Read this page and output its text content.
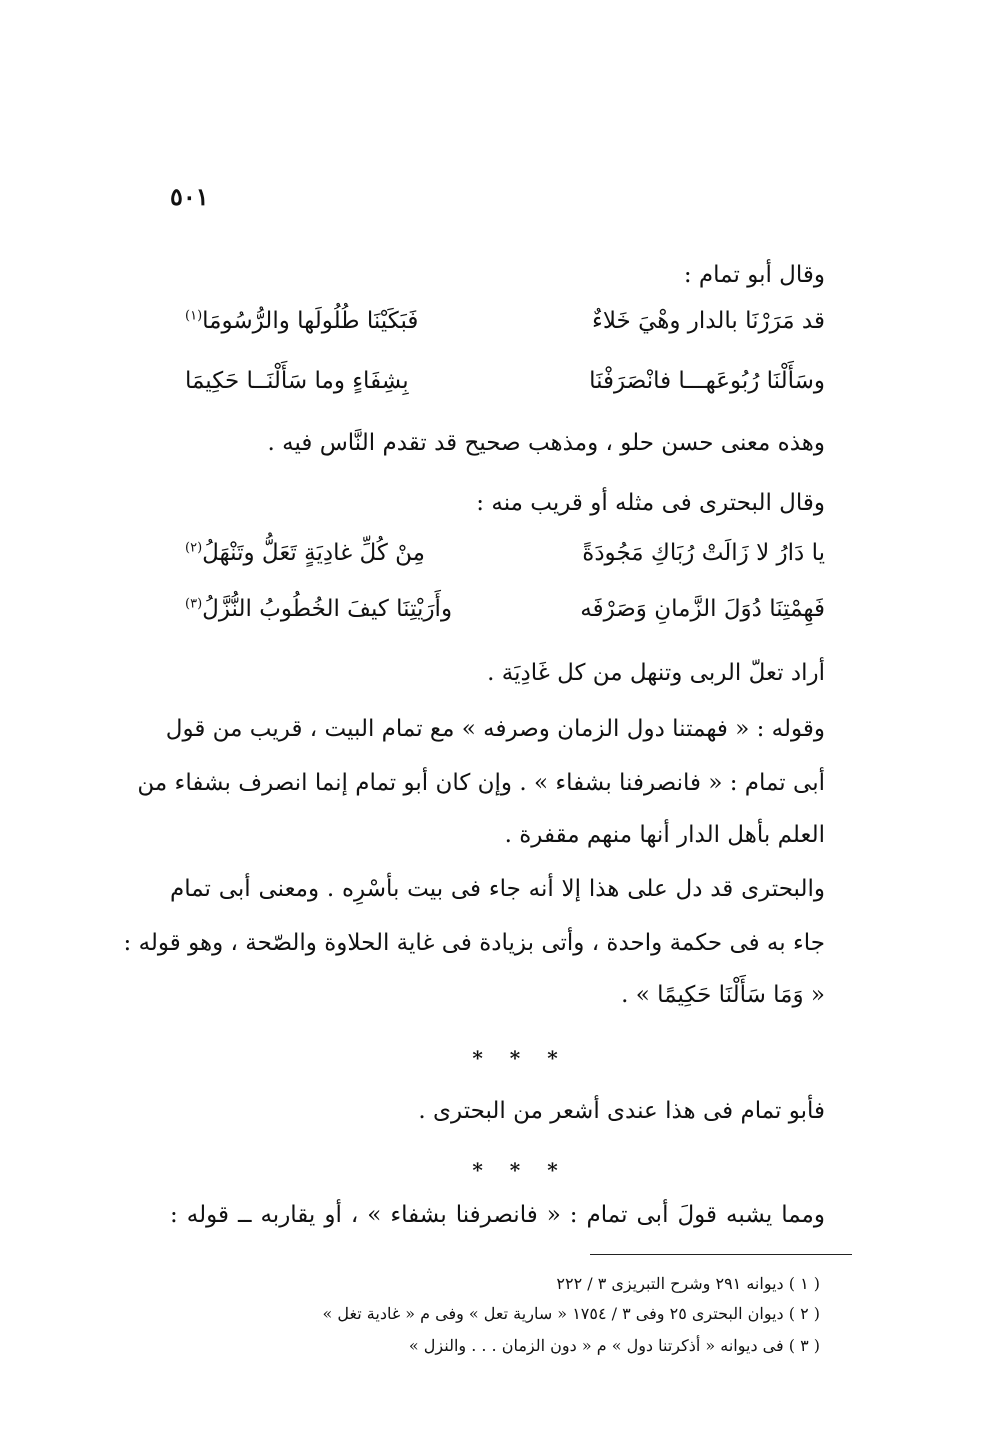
٥٠١
وقال أبو تمام :
قد مَرَرْنَا بالدار وهْيَ خَلاءٌ
فَبَكَيْنَا طُلُولَها والرُّسُومَا$^{(١)}$
وسَأَلْنَا رُبُوعَهـــا فانْصَرَفْنَا
بِشِفَاءٍ وما سَأَلْنَــا حَكِيمَا
وهذه معنى حسن حلو ، ومذهب صحيح قد تقدم النَّاس فيه .
وقال البحترى فى مثله أو قريب منه :
يا دَارُ لا زَالَتْ رُبَاكِ مَجُودَةً
مِنْ كُلِّ غادِيَةٍ تَعَلُّ وتَنْهَلُ$^{(٢)}$
فَهِمْتِنَا دُوَلَ الزَّمانِ وَصَرْفَه
وأَرَيْتِنَا كيفَ الخُطُوبُ النُّزَّلُ$^{(٣)}$
أراد تعلّ الربى وتنهل من كل غَادِيَة .
وقوله : « فهمتنا دول الزمان وصرفه » مع تمام البيت ، قريب من قول
أبى تمام : « فانصرفنا بشفاء » . وإن كان أبو تمام إنما انصرف بشفاء من
العلم بأهل الدار أنها منهم مقفرة .
والبحترى قد دل على هذا إلا أنه جاء فى بيت بأسْرِه . ومعنى أبى تمام
جاء به فى حكمة واحدة ، وأتى بزيادة فى غاية الحلاوة والصّحة ، وهو قوله :
« وَمَا سَأَلْنَا حَكِيمًا » .
* * *
فأبو تمام فى هذا عندى أشعر من البحترى .
* * *
ومما يشبه قولَ أبى تمام : « فانصرفنا بشفاء » ، أو يقاربه ــ قوله :
( ١ ) ديوانه ٢٩١ وشرح التبريزى ٣ / ٢٢٢
( ٢ ) ديوان البحترى ٢٥ وفى ٣ / ١٧٥٤ « سارية تعل » وفى م « غادية تغل »
( ٣ ) فى ديوانه « أذكرتنا دول » م « دون الزمان . . . والنزل »
